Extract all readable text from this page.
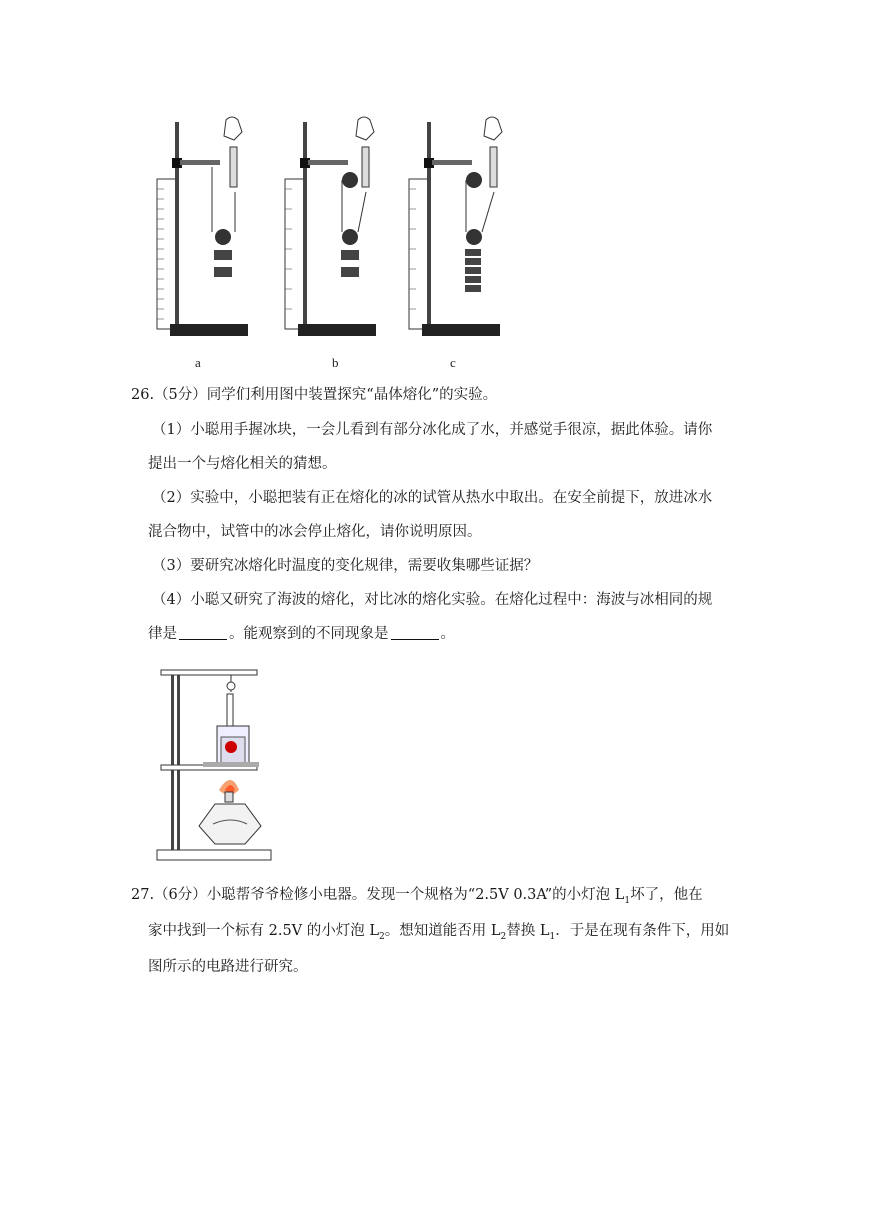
a	b	c
26.（5分）同学们利用图中装置探究“晶体熔化”的实验。
（1）小聪用手握冰块，一会儿看到有部分冰化成了水，并感觉手很凉，据此体验。请你
提出一个与熔化相关的猜想。
（2）实验中，小聪把装有正在熔化的冰的试管从热水中取出。在安全前提下，放进冰水
混合物中，试管中的冰会停止熔化，请你说明原因。
（3）要研究冰熔化时温度的变化规律，需要收集哪些证据？
（4）小聪又研究了海波的熔化，对比冰的熔化实验。在熔化过程中：海波与冰相同的规
律是	。能观察到的不同现象是	。
27.（6分）小聪帮爷爷检修小电器。发现一个规格为“2.5V 0.3A”的小灯泡 $L_1$坏了，他在
家中找到一个标有 2.5V 的小灯泡 $L_2$。想知道能否用 $L_2$替换 $L_1$．于是在现有条件下，用如
图所示的电路进行研究。
